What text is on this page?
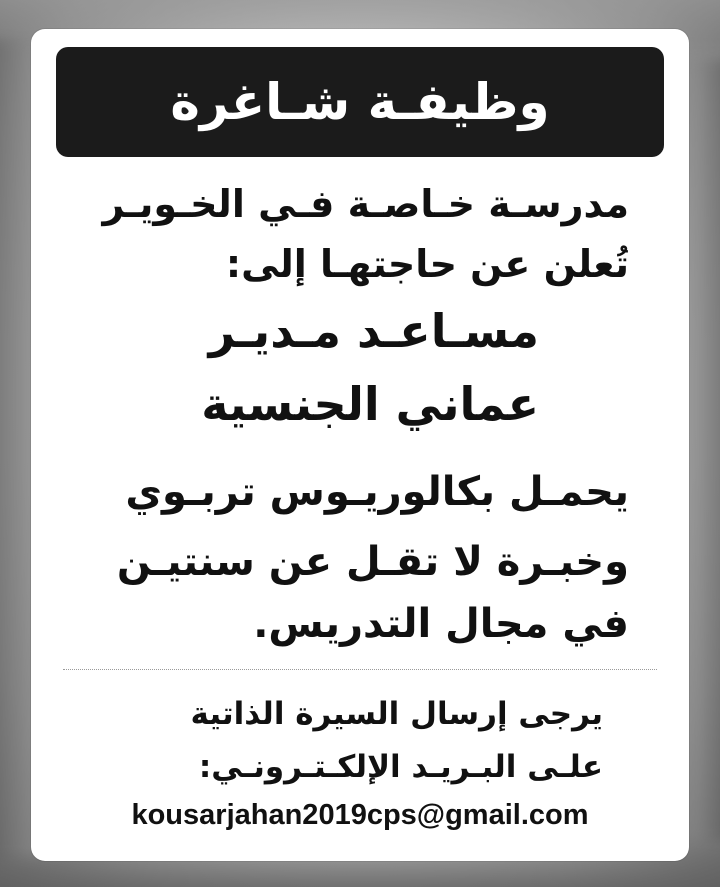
وظيفـة شـاغرة
مدرسـة خـاصـة فـي الخـويـر
تُعلن عن حاجتهـا إلى:
مسـاعـد مـديـر
عماني الجنسية
يحمـل بكالوريـوس تربـوي
وخبـرة لا تقـل عن سنتيـن
في مجال التدريس.
يرجى إرسال السيرة الذاتية
علـى البـريـد الإلكـتـرونـي:
kousarjahan2019cps@gmail.com
